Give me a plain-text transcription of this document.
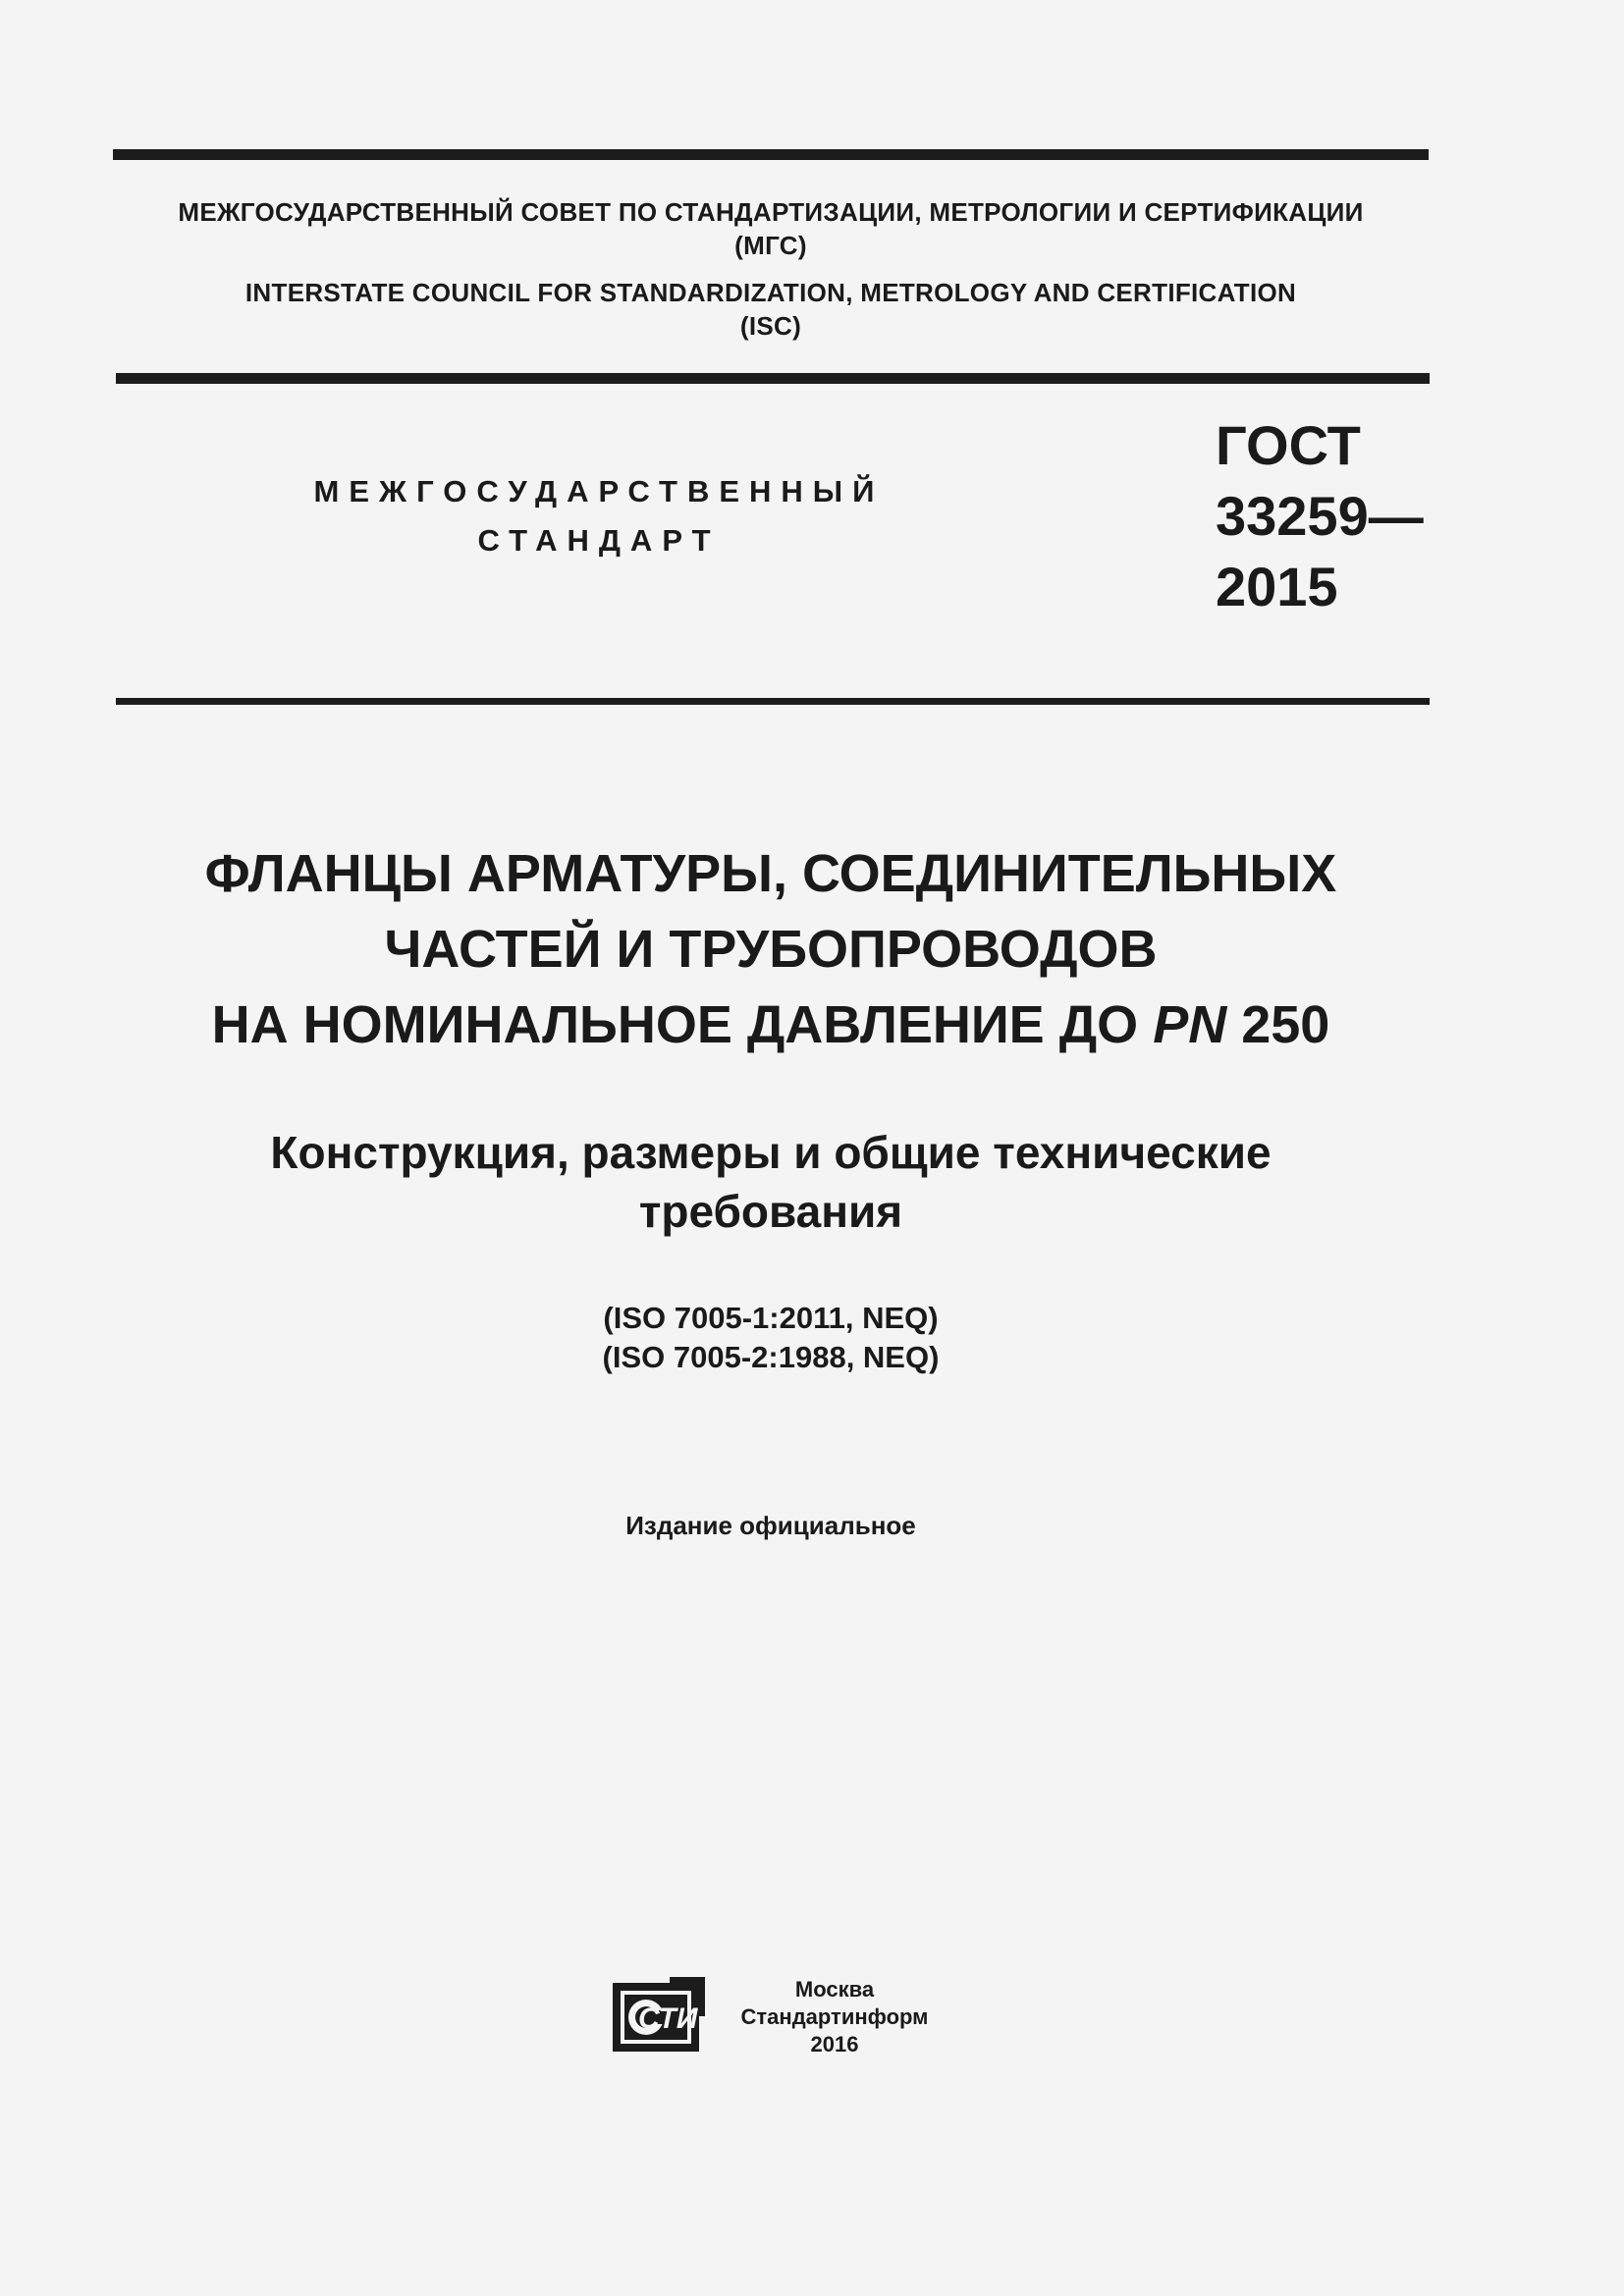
МЕЖГОСУДАРСТВЕННЫЙ СОВЕТ ПО СТАНДАРТИЗАЦИИ, МЕТРОЛОГИИ И СЕРТИФИКАЦИИ

(МГС)

INTERSTATE COUNCIL FOR STANDARDIZATION, METROLOGY AND CERTIFICATION

(ISC)

МЕЖГОСУДАРСТВЕННЫЙ

СТАНДАРТ

ГОСТ

33259—

2015

ФЛАНЦЫ АРМАТУРЫ, СОЕДИНИТЕЛЬНЫХ

ЧАСТЕЙ И ТРУБОПРОВОДОВ

НА НОМИНАЛЬНОЕ ДАВЛЕНИЕ ДО PN 250

Конструкция, размеры и общие технические

требования

(ISO 7005-1:2011, NEQ)

(ISO 7005-2:1988, NEQ)

Издание официальное
СТИ

Москва

Стандартинформ

2016
